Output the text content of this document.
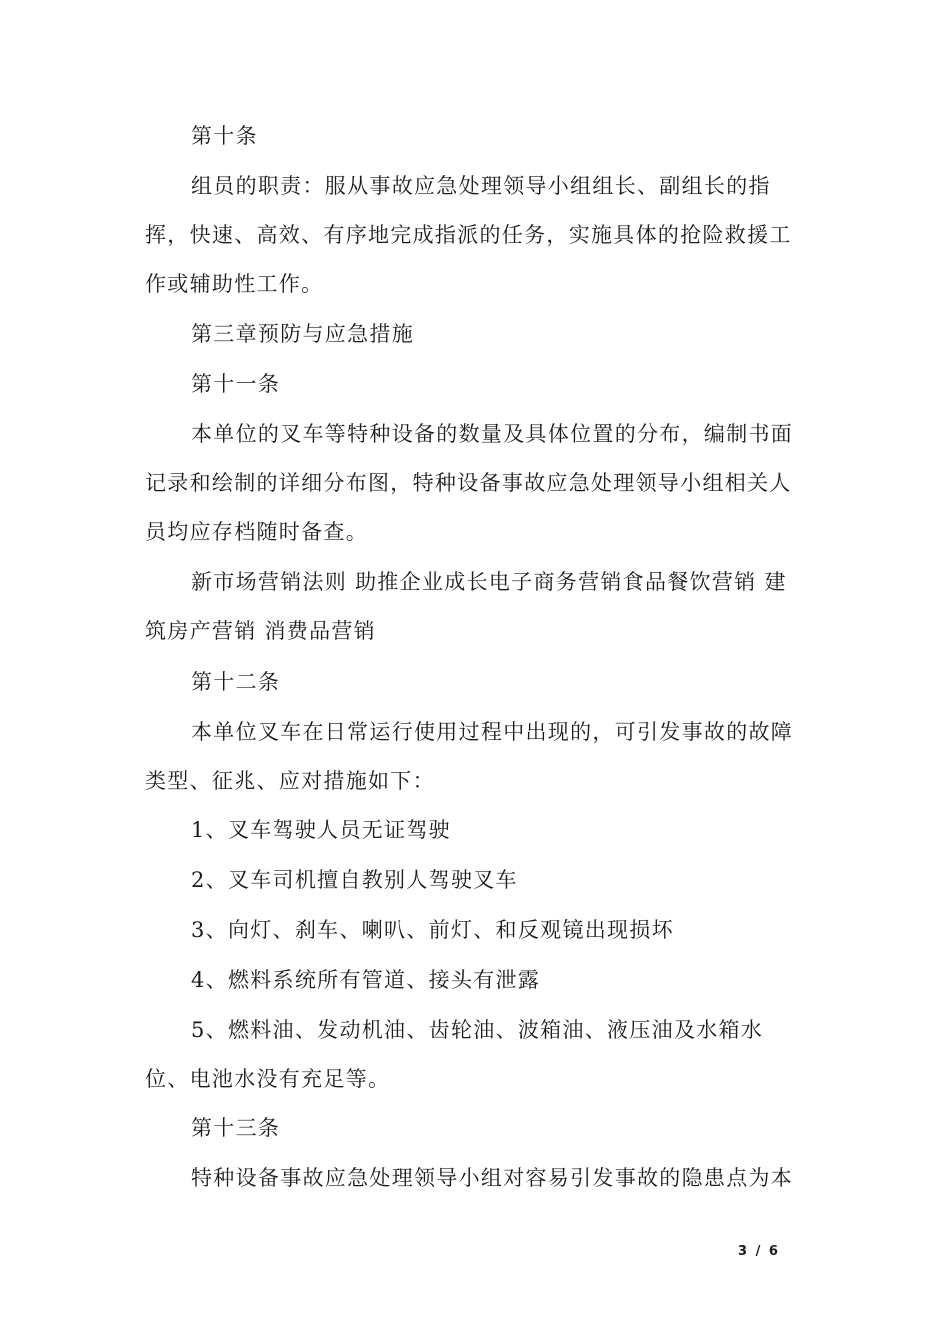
第十条

组员的职责：服从事故应急处理领导小组组长、副组长的指挥，快速、高效、有序地完成指派的任务，实施具体的抢险救援工作或辅助性工作。

第三章预防与应急措施

第十一条

本单位的叉车等特种设备的数量及具体位置的分布，编制书面记录和绘制的详细分布图，特种设备事故应急处理领导小组相关人员均应存档随时备查。

新市场营销法则 助推企业成长电子商务营销食品餐饮营销 建筑房产营销 消费品营销

第十二条

本单位叉车在日常运行使用过程中出现的，可引发事故的故障类型、征兆、应对措施如下：

1、叉车驾驶人员无证驾驶

2、叉车司机擅自教别人驾驶叉车

3、向灯、刹车、喇叭、前灯、和反观镜出现损坏

4、燃料系统所有管道、接头有泄露

5、燃料油、发动机油、齿轮油、波箱油、液压油及水箱水位、电池水没有充足等。

第十三条

特种设备事故应急处理领导小组对容易引发事故的隐患点为本

3 / 6
